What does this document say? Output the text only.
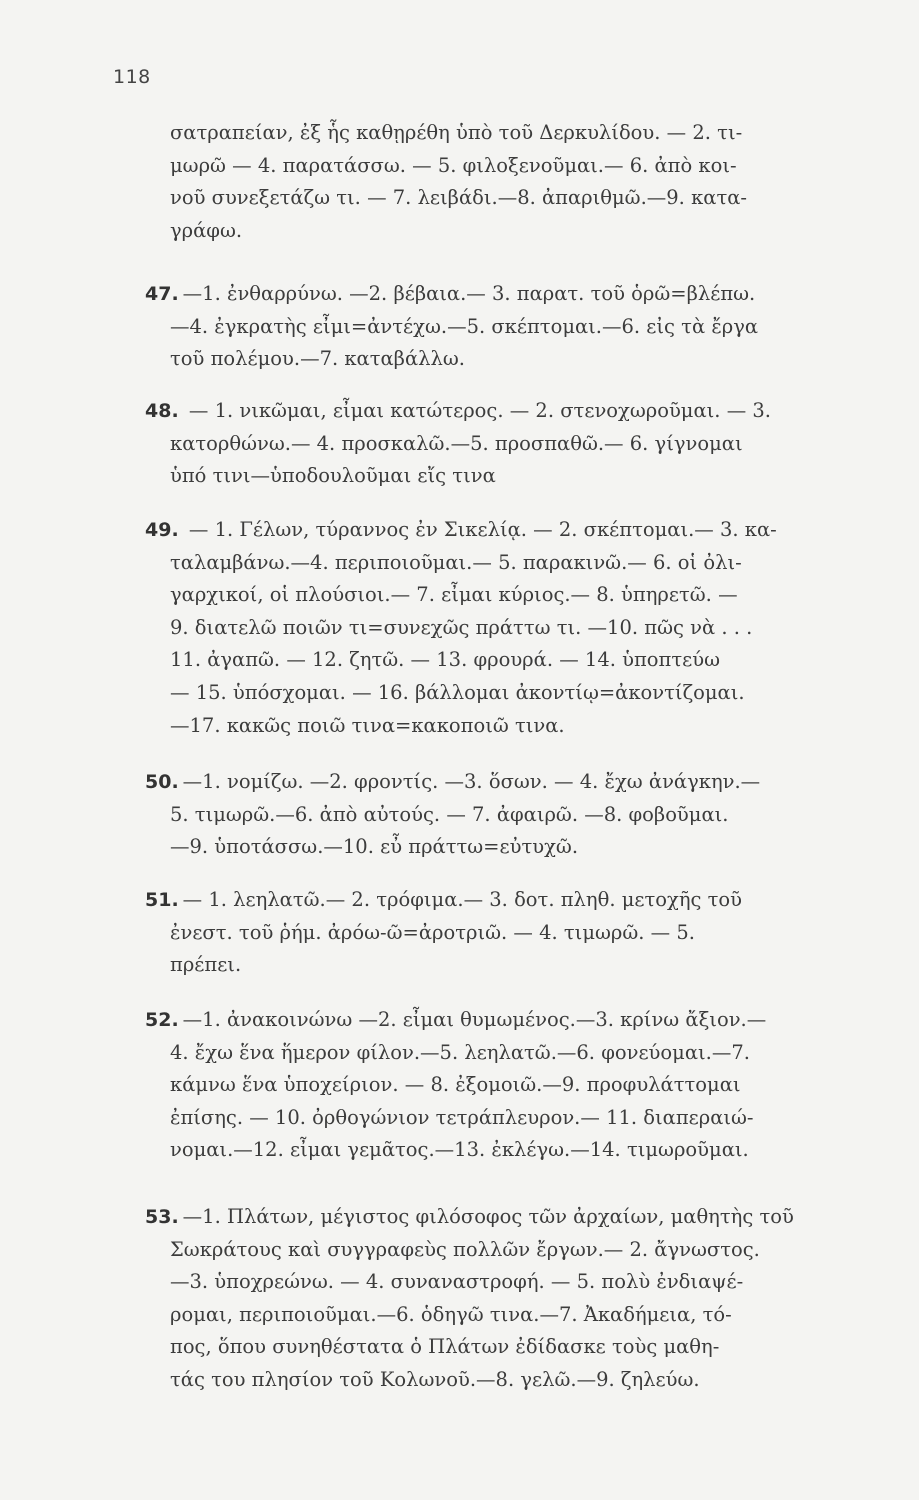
118
σατραπείαν, ἐξ ἧς καθῃρέθη ὑπὸ τοῦ Δερκυλίδου. — 2. τι-
μωρῶ — 4. παρατάσσω. — 5. φιλοξενοῦμαι.— 6. ἀπὸ κοι-
νοῦ συνεξετάζω τι. — 7. λειβάδι.—8. ἀπαριθμῶ.—9. κατα-
γράφω.
47. —1. ἐνθαρρύνω. —2. βέβαια.— 3. παρατ. τοῦ ὁρῶ=βλέπω.
—4. ἐγκρατὴς εἶμι=ἀντέχω.—5. σκέπτομαι.—6. εἰς τὰ ἔργα
τοῦ πολέμου.—7. καταβάλλω.
48. — 1. νικῶμαι, εἶμαι κατώτερος. — 2. στενοχωροῦμαι. — 3.
κατορθώνω.— 4. προσκαλῶ.—5. προσπαθῶ.— 6. γίγνομαι
ὑπό τινι—ὑποδουλοῦμαι εἴς τινα
49. — 1. Γέλων, τύραννος ἐν Σικελίᾳ. — 2. σκέπτομαι.— 3. κα-
ταλαμβάνω.—4. περιποιοῦμαι.— 5. παρακινῶ.— 6. οἱ ὀλι-
γαρχικοί, οἱ πλούσιοι.— 7. εἶμαι κύριος.— 8. ὑπηρετῶ. —
9. διατελῶ ποιῶν τι=συνεχῶς πράττω τι. —10. πῶς νὰ . . .
11. ἀγαπῶ. — 12. ζητῶ. — 13. φρουρά. — 14. ὑποπτεύω
— 15. ὑπόσχομαι. — 16. βάλλομαι ἀκοντίῳ=ἀκοντίζομαι.
—17. κακῶς ποιῶ τινα=κακοποιῶ τινα.
50. —1. νομίζω. —2. φροντίς. —3. ὅσων. — 4. ἔχω ἀνάγκην.—
5. τιμωρῶ.—6. ἀπὸ αὐτούς. — 7. ἀφαιρῶ. —8. φοβοῦμαι.
—9. ὑποτάσσω.—10. εὖ πράττω=εὐτυχῶ.
51. — 1. λεηλατῶ.— 2. τρόφιμα.— 3. δοτ. πληθ. μετοχῆς τοῦ
ἐνεστ. τοῦ ῥήμ. ἀρόω-ῶ=ἀροτριῶ. — 4. τιμωρῶ. — 5.
πρέπει.
52. —1. ἀνακοινώνω —2. εἶμαι θυμωμένος.—3. κρίνω ἄξιον.—
4. ἔχω ἕνα ἥμερον φίλον.—5. λεηλατῶ.—6. φονεύομαι.—7.
κάμνω ἕνα ὑποχείριον. — 8. ἐξομοιῶ.—9. προφυλάττομαι
ἐπίσης. — 10. ὀρθογώνιον τετράπλευρον.— 11. διαπεραιώ-
νομαι.—12. εἶμαι γεμᾶτος.—13. ἐκλέγω.—14. τιμωροῦμαι.
53. —1. Πλάτων, μέγιστος φιλόσοφος τῶν ἀρχαίων, μαθητὴς τοῦ
Σωκράτους καὶ συγγραφεὺς πολλῶν ἔργων.— 2. ἄγνωστος.
—3. ὑποχρεώνω. — 4. συναναστροφή. — 5. πολὺ ἐνδιαψέ-
ρομαι, περιποιοῦμαι.—6. ὁδηγῶ τινα.—7. Ἀκαδήμεια, τό-
πος, ὅπου συνηθέστατα ὁ Πλάτων ἐδίδασκε τοὺς μαθη-
τάς του πλησίον τοῦ Κολωνοῦ.—8. γελῶ.—9. ζηλεύω.
